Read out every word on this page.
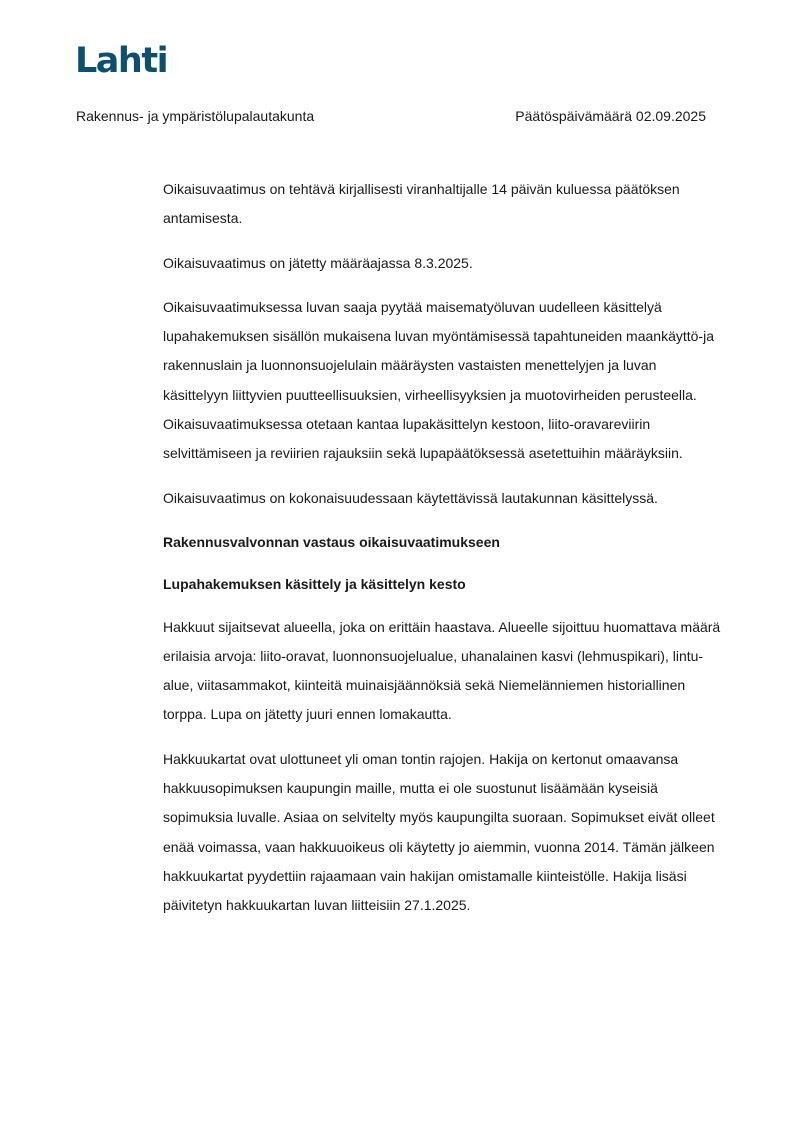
Lahti
Rakennus- ja ympäristölupalautakunta	Päätöspäivämäärä 02.09.2025

Oikaisuvaatimus on tehtävä kirjallisesti viranhaltijalle 14 päivän kuluessa päätöksen antamisesta.

Oikaisuvaatimus on jätetty määräajassa 8.3.2025.

Oikaisuvaatimuksessa luvan saaja pyytää maisematyöluvan uudelleen käsittelyä lupahakemuksen sisällön mukaisena luvan myöntämisessä tapahtuneiden maankäyttö-ja rakennuslain ja luonnonsuojelulain määräysten vastaisten menettelyjen ja luvan käsittelyyn liittyvien puutteellisuuksien, virheellisyyksien ja muotovirheiden perusteella. Oikaisuvaatimuksessa otetaan kantaa lupakäsittelyn kestoon, liito-oravareviirin selvittämiseen ja reviirien rajauksiin sekä lupapäätöksessä asetettuihin määräyksiin.

Oikaisuvaatimus on kokonaisuudessaan käytettävissä lautakunnan käsittelyssä.

Rakennusvalvonnan vastaus oikaisuvaatimukseen

Lupahakemuksen käsittely ja käsittelyn kesto

Hakkuut sijaitsevat alueella, joka on erittäin haastava. Alueelle sijoittuu huomattava määrä erilaisia arvoja: liito-oravat, luonnonsuojelualue, uhanalainen kasvi (lehmuspikari), lintu-alue, viitasammakot, kiinteitä muinaisjäännöksiä sekä Niemelänniemen historiallinen torppa. Lupa on jätetty juuri ennen lomakautta.

Hakkuukartat ovat ulottuneet yli oman tontin rajojen. Hakija on kertonut omaavansa hakkuusopimuksen kaupungin maille, mutta ei ole suostunut lisäämään kyseisiä sopimuksia luvalle. Asiaa on selvitelty myös kaupungilta suoraan. Sopimukset eivät olleet enää voimassa, vaan hakkuuoikeus oli käytetty jo aiemmin, vuonna 2014. Tämän jälkeen hakkuukartat pyydettiin rajaamaan vain hakijan omistamalle kiinteistölle. Hakija lisäsi päivitetyn hakkuukartan luvan liitteisiin 27.1.2025.
